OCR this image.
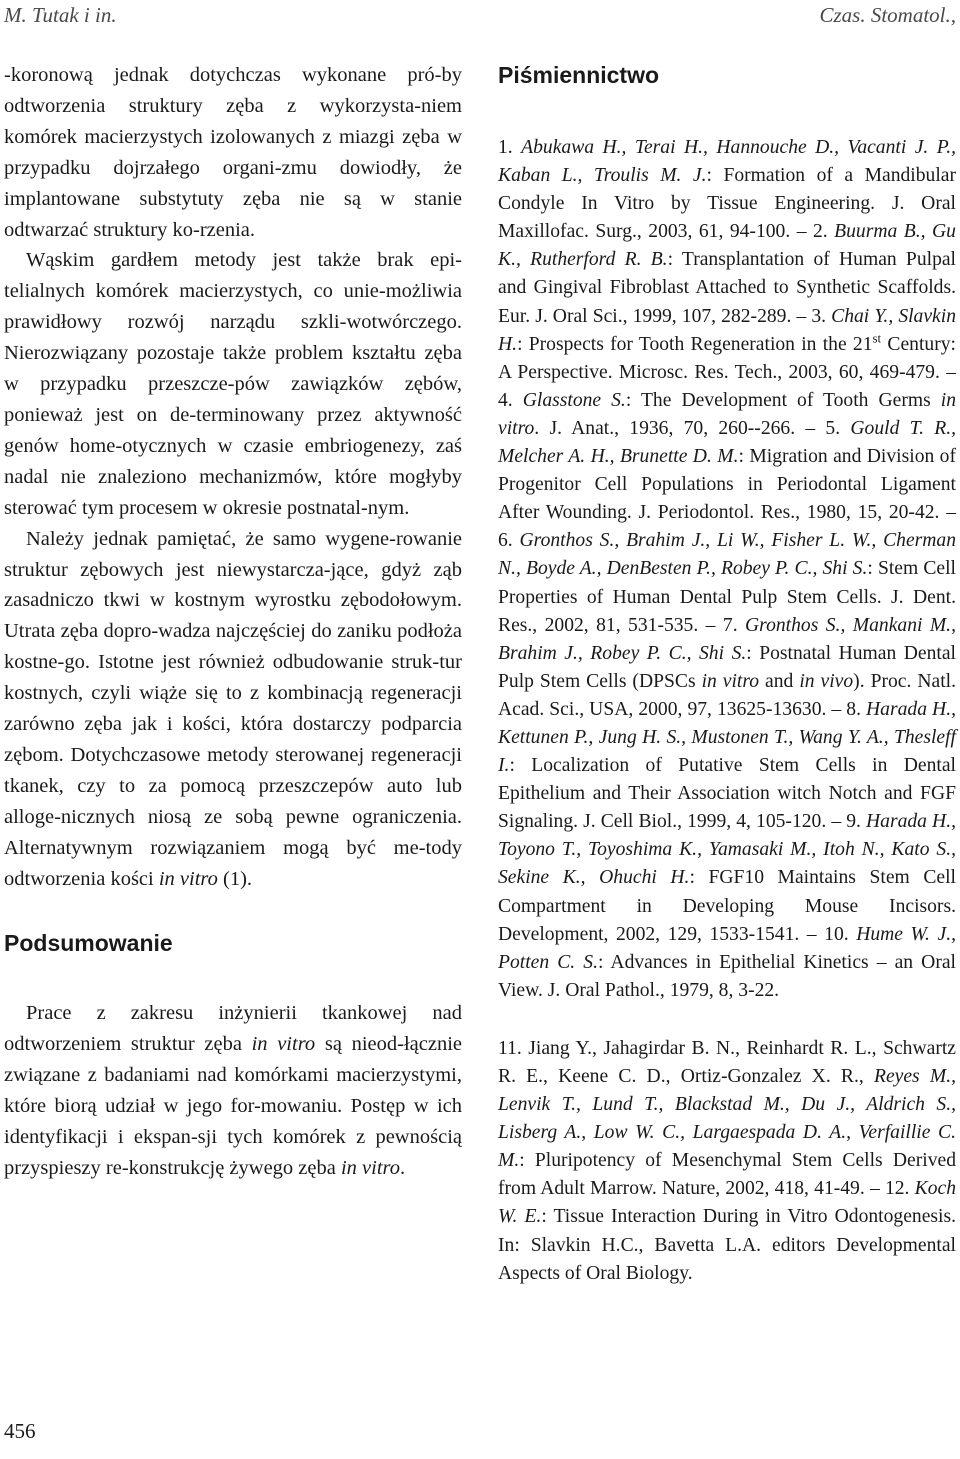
M. Tutak i in.	Czas. Stomatol.,

-koronową jednak dotychczas wykonane pró-by odtworzenia struktury zęba z wykorzysta-niem komórek macierzystych izolowanych z miazgi zęba w przypadku dojrzałego organi-zmu dowiodły, że implantowane substytuty zęba nie są w stanie odtwarzać struktury ko-rzenia.

Wąskim gardłem metody jest także brak epi-telialnych komórek macierzystych, co unie-możliwia prawidłowy rozwój narządu szkli-wotwórczego. Nierozwiązany pozostaje także problem kształtu zęba w przypadku przeszcze-pów zawiązków zębów, ponieważ jest on de-terminowany przez aktywność genów home-otycznych w czasie embriogenezy, zaś nadal nie znaleziono mechanizmów, które mogłyby sterować tym procesem w okresie postnatal-nym.

Należy jednak pamiętać, że samo wygene-rowanie struktur zębowych jest niewystarcza-jące, gdyż ząb zasadniczo tkwi w kostnym wyrostku zębodołowym. Utrata zęba dopro-wadza najczęściej do zaniku podłoża kostne-go. Istotne jest również odbudowanie struk-tur kostnych, czyli wiąże się to z kombinacją regeneracji zarówno zęba jak i kości, która dostarczy podparcia zębom. Dotychczasowe metody sterowanej regeneracji tkanek, czy to za pomocą przeszczepów auto lub alloge-nicznych niosą ze sobą pewne ograniczenia. Alternatywnym rozwiązaniem mogą być me-tody odtworzenia kości in vitro (1).

Podsumowanie

Prace z zakresu inżynierii tkankowej nad odtworzeniem struktur zęba in vitro są nieod-łącznie związane z badaniami nad komórkami macierzystymi, które biorą udział w jego for-mowaniu. Postęp w ich identyfikacji i ekspan-sji tych komórek z pewnością przyspieszy re-konstrukcję żywego zęba in vitro.

Piśmiennictwo

1. Abukawa H., Terai H., Hannouche D., Vacanti J. P., Kaban L., Troulis M. J.: Formation of a Mandibular Condyle In Vitro by Tissue Engineering. J. Oral Maxillofac. Surg., 2003, 61, 94-100. – 2. Buurma B., Gu K., Rutherford R. B.: Transplantation of Human Pulpal and Gingival Fibroblast Attached to Synthetic Scaffolds. Eur. J. Oral Sci., 1999, 107, 282-289. – 3. Chai Y., Slavkin H.: Prospects for Tooth Regeneration in the 21st Century: A Perspective. Microsc. Res. Tech., 2003, 60, 469-479. – 4. Glasstone S.: The Development of Tooth Germs in vitro. J. Anat., 1936, 70, 260--266. – 5. Gould T. R., Melcher A. H., Brunette D. M.: Migration and Division of Progenitor Cell Populations in Periodontal Ligament After Wounding. J. Periodontol. Res., 1980, 15, 20-42. – 6. Gronthos S., Brahim J., Li W., Fisher L. W., Cherman N., Boyde A., DenBesten P., Robey P. C., Shi S.: Stem Cell Properties of Human Dental Pulp Stem Cells. J. Dent. Res., 2002, 81, 531-535. – 7. Gronthos S., Mankani M., Brahim J., Robey P. C., Shi S.: Postnatal Human Dental Pulp Stem Cells (DPSCs in vitro and in vivo). Proc. Natl. Acad. Sci., USA, 2000, 97, 13625-13630. – 8. Harada H., Kettunen P., Jung H. S., Mustonen T., Wang Y. A., Thesleff I.: Localization of Putative Stem Cells in Dental Epithelium and Their Association witch Notch and FGF Signaling. J. Cell Biol., 1999, 4, 105-120. – 9. Harada H., Toyono T., Toyoshima K., Yamasaki M., Itoh N., Kato S., Sekine K., Ohuchi H.: FGF10 Maintains Stem Cell Compartment in Developing Mouse Incisors. Development, 2002, 129, 1533-1541. – 10. Hume W. J., Potten C. S.: Advances in Epithelial Kinetics – an Oral View. J. Oral Pathol., 1979, 8, 3-22.

11. Jiang Y., Jahagirdar B. N., Reinhardt R. L., Schwartz R. E., Keene C. D., Ortiz-Gonzalez X. R., Reyes M., Lenvik T., Lund T., Blackstad M., Du J., Aldrich S., Lisberg A., Low W. C., Largaespada D. A., Verfaillie C. M.: Pluripotency of Mesenchymal Stem Cells Derived from Adult Marrow. Nature, 2002, 418, 41-49. – 12. Koch W. E.: Tissue Interaction During in Vitro Odontogenesis. In: Slavkin H.C., Bavetta L.A. editors Developmental Aspects of Oral Biology.

456
